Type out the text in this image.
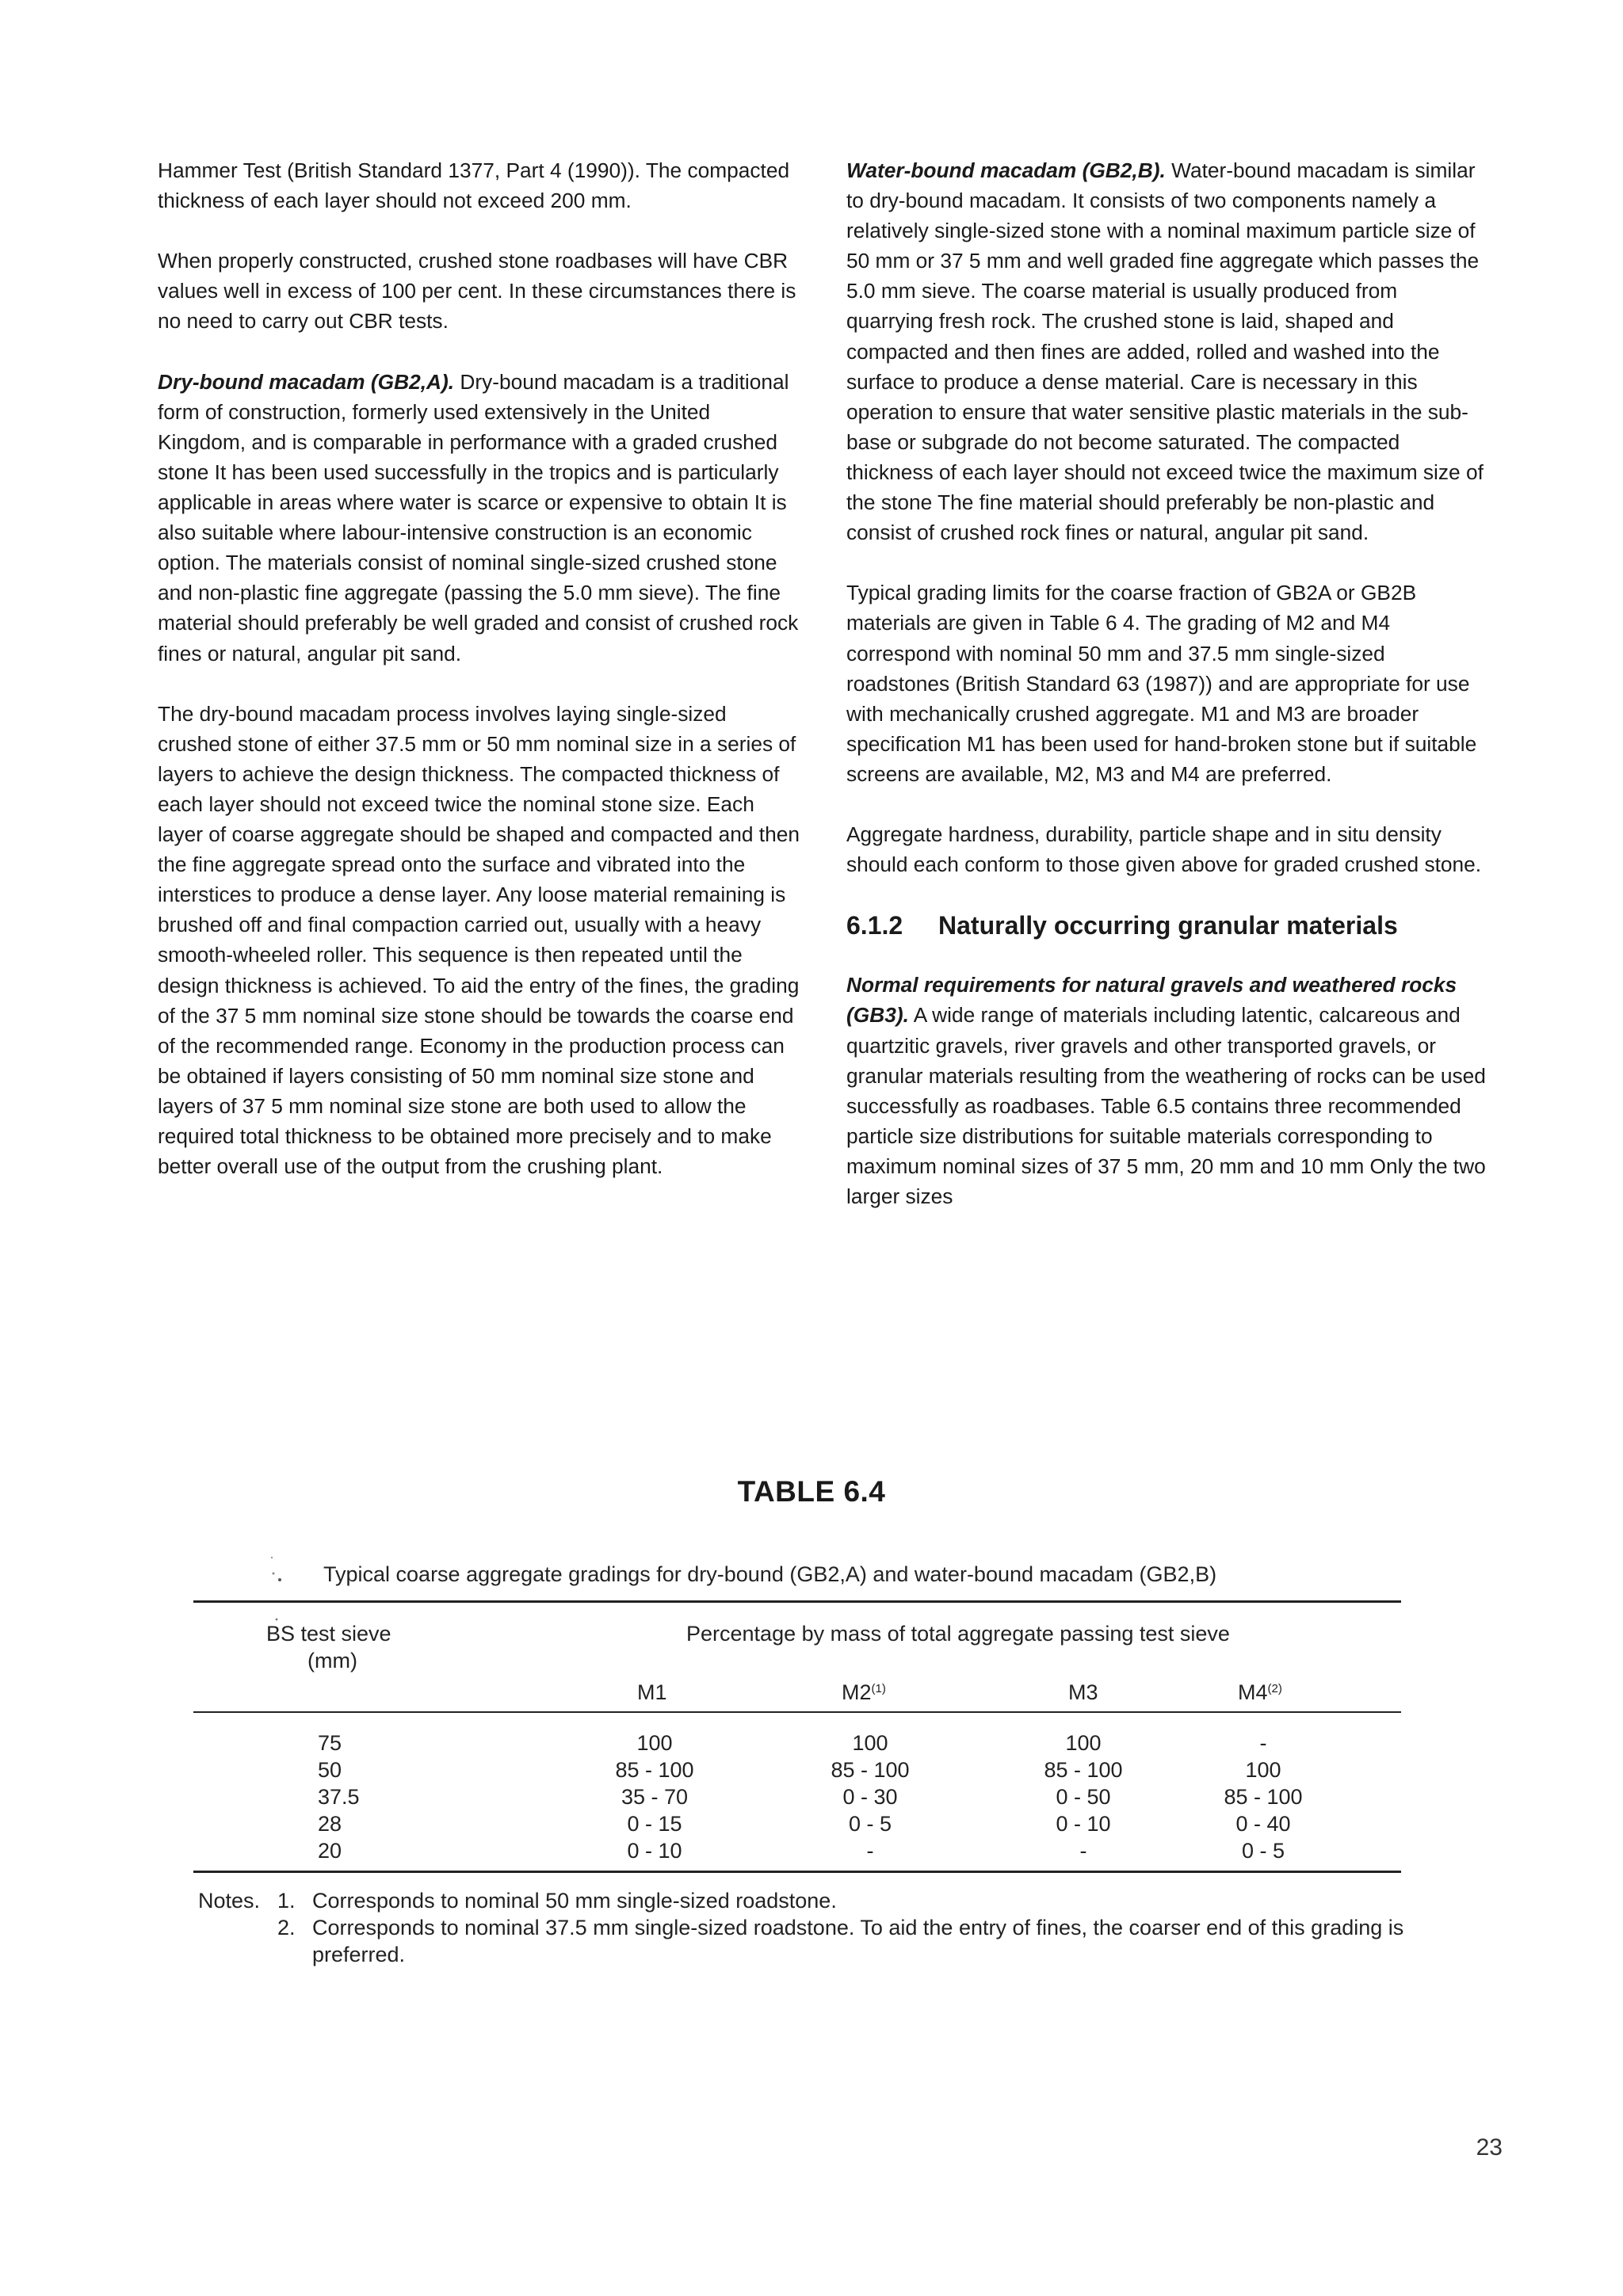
Hammer Test (British Standard 1377, Part 4 (1990)). The compacted thickness of each layer should not exceed 200 mm.

When properly constructed, crushed stone roadbases will have CBR values well in excess of 100 per cent. In these circumstances there is no need to carry out CBR tests.

Dry-bound macadam (GB2,A). Dry-bound macadam is a traditional form of construction, formerly used extensively in the United Kingdom, and is comparable in performance with a graded crushed stone It has been used successfully in the tropics and is particularly applicable in areas where water is scarce or expensive to obtain It is also suitable where labour-intensive construction is an economic option. The materials consist of nominal single-sized crushed stone and non-plastic fine aggregate (passing the 5.0 mm sieve). The fine material should preferably be well graded and consist of crushed rock fines or natural, angular pit sand.

The dry-bound macadam process involves laying single-sized crushed stone of either 37.5 mm or 50 mm nominal size in a series of layers to achieve the design thickness. The compacted thickness of each layer should not exceed twice the nominal stone size. Each layer of coarse aggregate should be shaped and compacted and then the fine aggregate spread onto the surface and vibrated into the interstices to produce a dense layer. Any loose material remaining is brushed off and final compaction carried out, usually with a heavy smooth-wheeled roller. This sequence is then repeated until the design thickness is achieved. To aid the entry of the fines, the grading of the 37 5 mm nominal size stone should be towards the coarse end of the recommended range. Economy in the production process can be obtained if layers consisting of 50 mm nominal size stone and layers of 37 5 mm nominal size stone are both used to allow the required total thickness to be obtained more precisely and to make better overall use of the output from the crushing plant.

Water-bound macadam (GB2,B). Water-bound macadam is similar to dry-bound macadam. It consists of two components namely a relatively single-sized stone with a nominal maximum particle size of 50 mm or 37 5 mm and well graded fine aggregate which passes the 5.0 mm sieve. The coarse material is usually produced from quarrying fresh rock. The crushed stone is laid, shaped and compacted and then fines are added, rolled and washed into the surface to produce a dense material. Care is necessary in this operation to ensure that water sensitive plastic materials in the sub-base or subgrade do not become saturated. The compacted thickness of each layer should not exceed twice the maximum size of the stone The fine material should preferably be non-plastic and consist of crushed rock fines or natural, angular pit sand.

Typical grading limits for the coarse fraction of GB2A or GB2B materials are given in Table 6 4. The grading of M2 and M4 correspond with nominal 50 mm and 37.5 mm single-sized roadstones (British Standard 63 (1987)) and are appropriate for use with mechanically crushed aggregate. M1 and M3 are broader specification M1 has been used for hand-broken stone but if suitable screens are available, M2, M3 and M4 are preferred.

Aggregate hardness, durability, particle shape and in situ density should each conform to those given above for graded crushed stone.

6.1.2	Naturally occurring granular materials

Normal requirements for natural gravels and weathered rocks (GB3). A wide range of materials including latentic, calcareous and quartzitic gravels, river gravels and other transported gravels, or granular materials resulting from the weathering of rocks can be used successfully as roadbases. Table 6.5 contains three recommended particle size distributions for suitable materials corresponding to maximum nominal sizes of 37 5 mm, 20 mm and 10 mm Only the two larger sizes

TABLE 6.4
Typical coarse aggregate gradings for dry-bound (GB2,A) and water-bound macadam (GB2,B)
BS test sieve
(mm)
Percentage by mass of total aggregate passing test sieve
M1	M2$^{(1)}$	M3	M4$^{(2)}$
75	100	100	100	-
50	85 - 100	85 - 100	85 - 100	100
37.5	35 - 70	0 - 30	0 - 50	85 - 100
28	0 - 15	0 - 5	0 - 10	0 - 40
20	0 - 10	-	-	0 - 5
Notes. 1. Corresponds to nominal 50 mm single-sized roadstone.
2. Corresponds to nominal 37.5 mm single-sized roadstone. To aid the entry of fines, the coarser end of this grading is preferred.
23
